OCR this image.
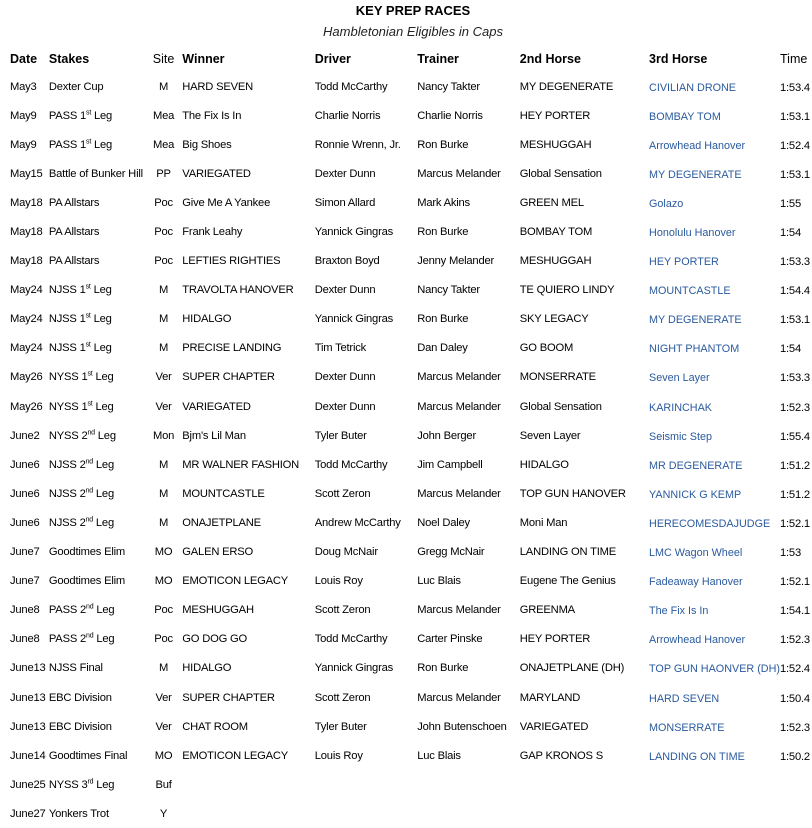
KEY PREP RACES
Hambletonian Eligibles in Caps
Date	Stakes	Site	Winner	Driver	Trainer	2nd Horse	3rd Horse	Time
May3	Dexter Cup	M	HARD SEVEN	Todd McCarthy	Nancy Takter	MY DEGENERATE	CIVILIAN DRONE	1:53.4
May9	PASS 1st Leg	Mea	The Fix Is In	Charlie Norris	Charlie Norris	HEY PORTER	BOMBAY TOM	1:53.1
May9	PASS 1st Leg	Mea	Big Shoes	Ronnie Wrenn, Jr.	Ron Burke	MESHUGGAH	Arrowhead Hanover	1:52.4
May15	Battle of Bunker Hill	PP	VARIEGATED	Dexter Dunn	Marcus Melander	Global Sensation	MY DEGENERATE	1:53.1
May18	PA Allstars	Poc	Give Me A Yankee	Simon Allard	Mark Akins	GREEN MEL	Golazo	1:55
May18	PA Allstars	Poc	Frank Leahy	Yannick Gingras	Ron Burke	BOMBAY TOM	Honolulu Hanover	1:54
May18	PA Allstars	Poc	LEFTIES RIGHTIES	Braxton Boyd	Jenny Melander	MESHUGGAH	HEY PORTER	1:53.3
May24	NJSS 1st Leg	M	TRAVOLTA HANOVER	Dexter Dunn	Nancy Takter	TE QUIERO LINDY	MOUNTCASTLE	1:54.4
May24	NJSS 1st Leg	M	HIDALGO	Yannick Gingras	Ron Burke	SKY LEGACY	MY DEGENERATE	1:53.1
May24	NJSS 1st Leg	M	PRECISE LANDING	Tim Tetrick	Dan Daley	GO BOOM	NIGHT PHANTOM	1:54
May26	NYSS 1st Leg	Ver	SUPER CHAPTER	Dexter Dunn	Marcus Melander	MONSERRATE	Seven Layer	1:53.3
May26	NYSS 1st Leg	Ver	VARIEGATED	Dexter Dunn	Marcus Melander	Global Sensation	KARINCHAK	1:52.3
June2	NYSS 2nd Leg	Mon	Bjm's Lil Man	Tyler Buter	John Berger	Seven Layer	Seismic Step	1:55.4
June6	NJSS 2nd Leg	M	MR WALNER FASHION	Todd McCarthy	Jim Campbell	HIDALGO	MR DEGENERATE	1:51.2
June6	NJSS 2nd Leg	M	MOUNTCASTLE	Scott Zeron	Marcus Melander	TOP GUN HANOVER	YANNICK G KEMP	1:51.2
June6	NJSS 2nd Leg	M	ONAJETPLANE	Andrew McCarthy	Noel Daley	Moni Man	HERECOMESDAJUDGE	1:52.1
June7	Goodtimes Elim	MO	GALEN ERSO	Doug McNair	Gregg McNair	LANDING ON TIME	LMC Wagon Wheel	1:53
June7	Goodtimes Elim	MO	EMOTICON LEGACY	Louis Roy	Luc Blais	Eugene The Genius	Fadeaway Hanover	1:52.1
June8	PASS 2nd Leg	Poc	MESHUGGAH	Scott Zeron	Marcus Melander	GREENMA	The Fix Is In	1:54.1
June8	PASS 2nd Leg	Poc	GO DOG GO	Todd McCarthy	Carter Pinske	HEY PORTER	Arrowhead Hanover	1:52.3
June13	NJSS Final	M	HIDALGO	Yannick Gingras	Ron Burke	ONAJETPLANE (DH)	TOP GUN HAONVER (DH)	1:52.4
June13	EBC Division	Ver	SUPER CHAPTER	Scott Zeron	Marcus Melander	MARYLAND	HARD SEVEN	1:50.4
June13	EBC Division	Ver	CHAT ROOM	Tyler Buter	John Butenschoen	VARIEGATED	MONSERRATE	1:52.3
June14	Goodtimes Final	MO	EMOTICON LEGACY	Louis Roy	Luc Blais	GAP KRONOS S	LANDING ON TIME	1:50.2
June25	NYSS 3rd Leg	Buf						
June27	Yonkers Trot	Y						
